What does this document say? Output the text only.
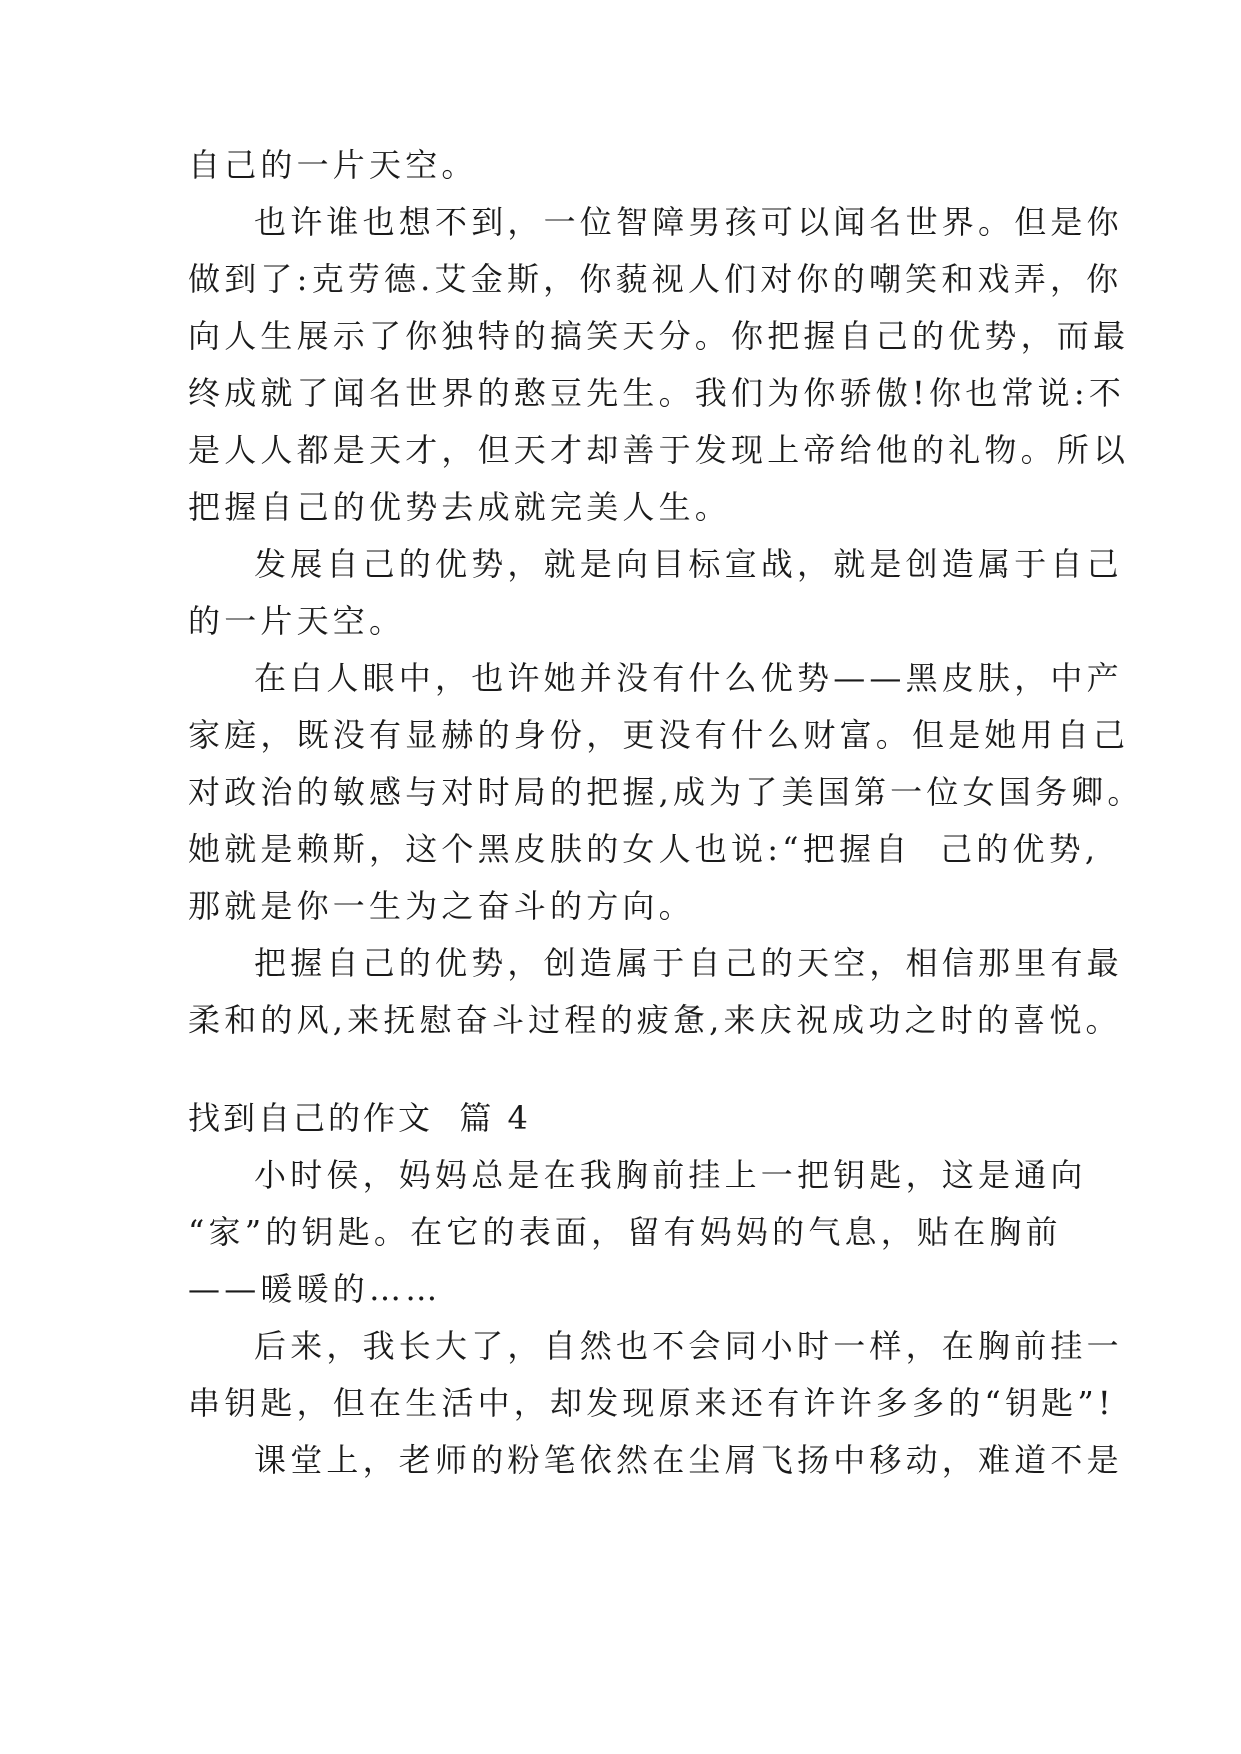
自己的一片天空。
也许谁也想不到，一位智障男孩可以闻名世界。但是你
做到了:克劳德.艾金斯，你藐视人们对你的嘲笑和戏弄，你
向人生展示了你独特的搞笑天分。你把握自己的优势，而最
终成就了闻名世界的憨豆先生。我们为你骄傲!你也常说:不
是人人都是天才，但天才却善于发现上帝给他的礼物。所以
把握自己的优势去成就完美人生。
发展自己的优势，就是向目标宣战，就是创造属于自己
的一片天空。
在白人眼中，也许她并没有什么优势——黑皮肤，中产
家庭，既没有显赫的身份，更没有什么财富。但是她用自己
对政治的敏感与对时局的把握,成为了美国第一位女国务卿。
她就是赖斯，这个黑皮肤的女人也说:“把握自  己的优势,
那就是你一生为之奋斗的方向。
把握自己的优势，创造属于自己的天空，相信那里有最
柔和的风,来抚慰奋斗过程的疲惫,来庆祝成功之时的喜悦。
找到自己的作文  篇 4
小时侯，妈妈总是在我胸前挂上一把钥匙，这是通向
“家”的钥匙。在它的表面，留有妈妈的气息，贴在胸前
——暖暖的……
后来，我长大了，自然也不会同小时一样，在胸前挂一
串钥匙，但在生活中，却发现原来还有许许多多的“钥匙”!
课堂上，老师的粉笔依然在尘屑飞扬中移动，难道不是
